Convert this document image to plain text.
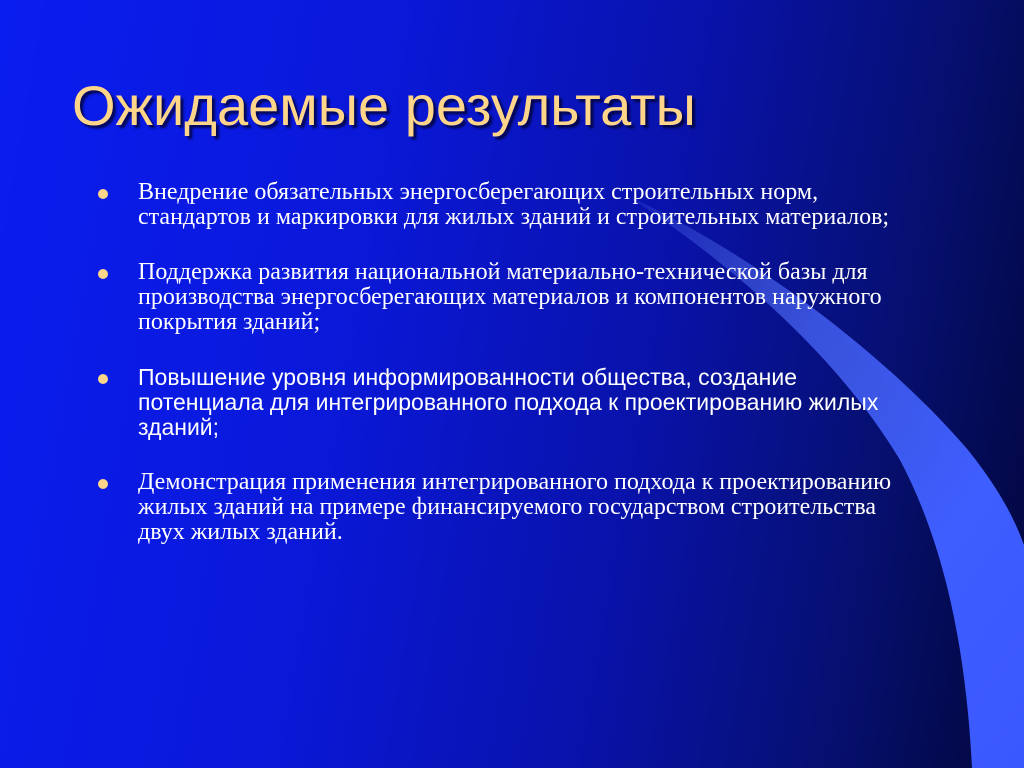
Ожидаемые результаты
Внедрение обязательных энергосберегающих строительных норм, стандартов и маркировки для жилых зданий и строительных материалов;
Поддержка развития национальной материально-технической базы для производства энергосберегающих материалов и компонентов наружного покрытия зданий;
Повышение уровня информированности общества, создание потенциала для интегрированного подхода к проектированию жилых зданий;
Демонстрация применения интегрированного подхода к проектированию жилых зданий на примере финансируемого государством строительства двух жилых зданий.
